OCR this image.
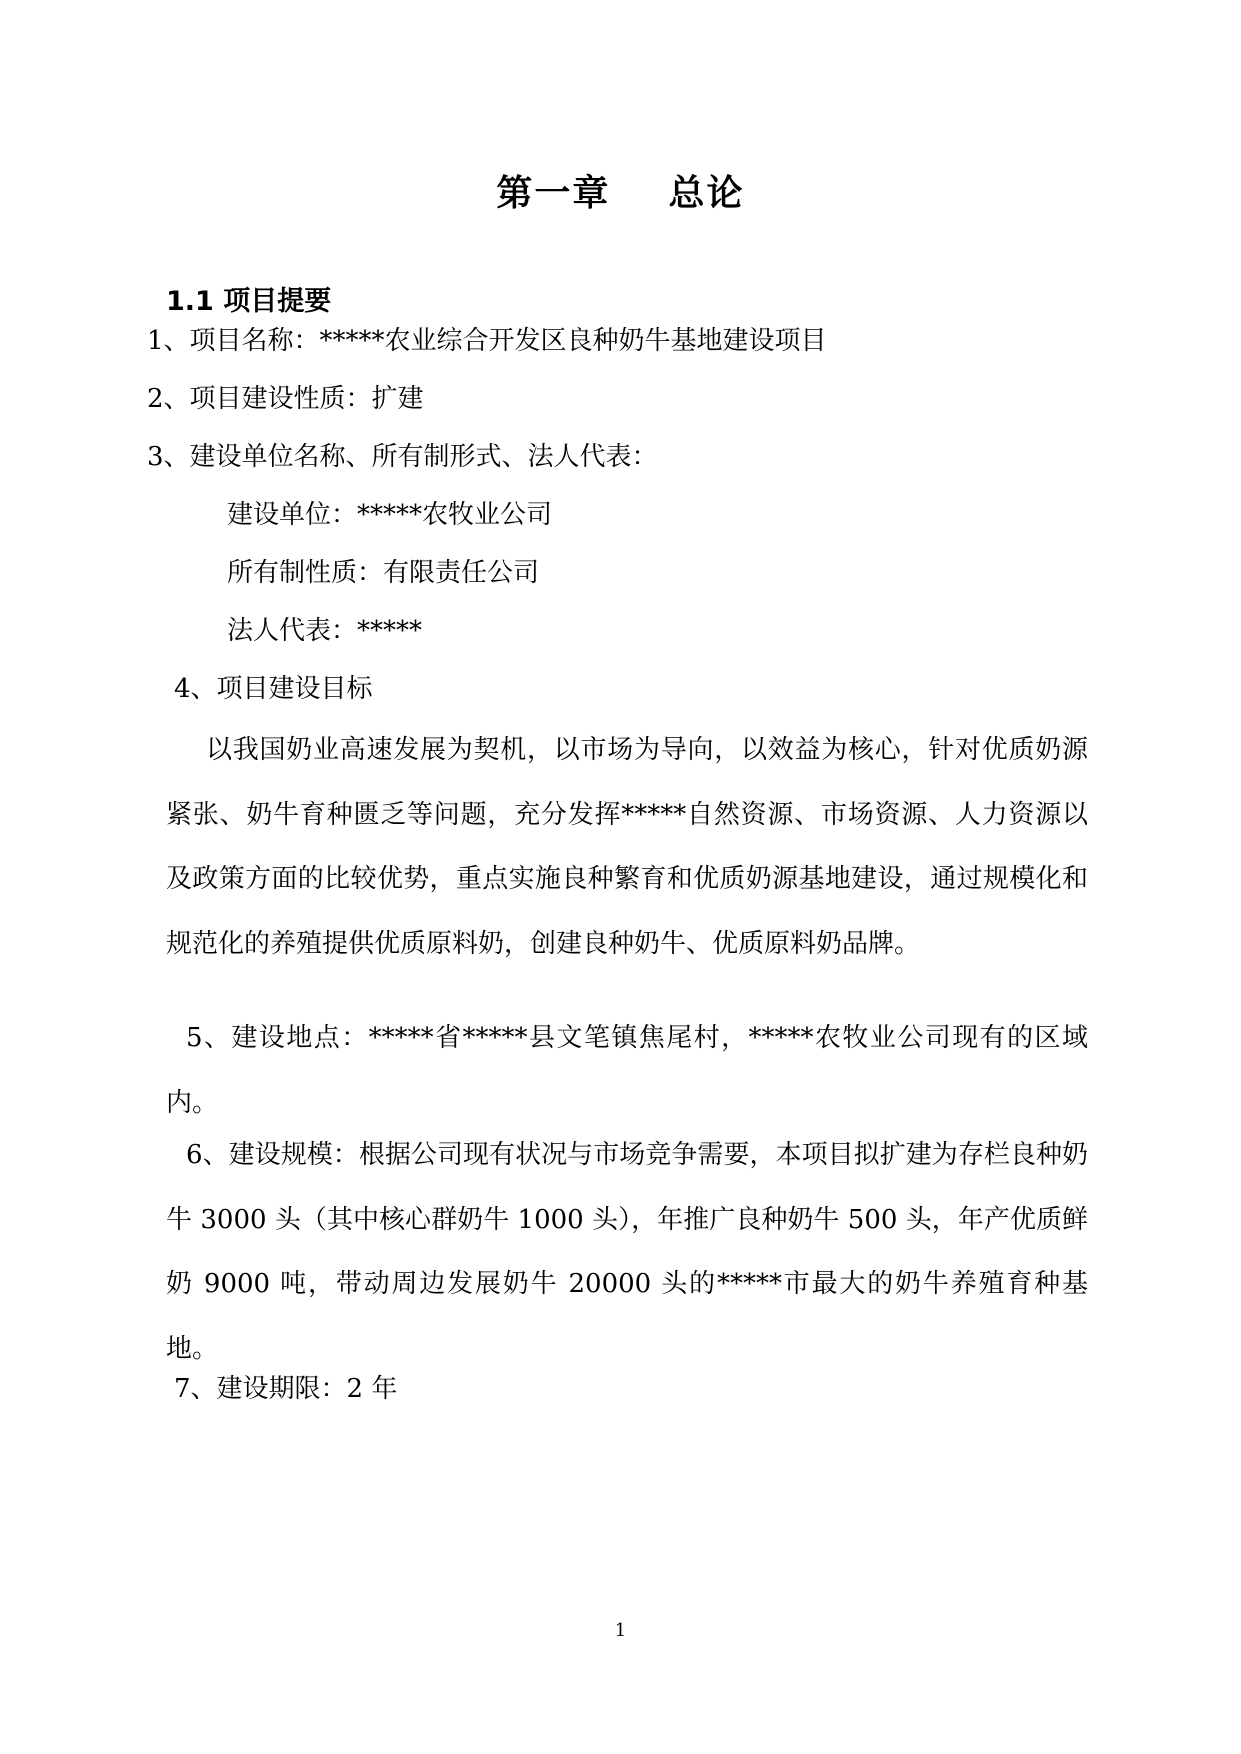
第一章    总论
1.1 项目提要
1、项目名称：*****农业综合开发区良种奶牛基地建设项目
2、项目建设性质：扩建
3、建设单位名称、所有制形式、法人代表：
建设单位：*****农牧业公司
所有制性质：有限责任公司
法人代表：*****
4、项目建设目标
以我国奶业高速发展为契机，以市场为导向，以效益为核心，针对优质奶源紧张、奶牛育种匮乏等问题，充分发挥*****自然资源、市场资源、人力资源以及政策方面的比较优势，重点实施良种繁育和优质奶源基地建设，通过规模化和规范化的养殖提供优质原料奶，创建良种奶牛、优质原料奶品牌。
5、建设地点：*****省*****县文笔镇焦尾村，*****农牧业公司现有的区域内。
6、建设规模：根据公司现有状况与市场竞争需要，本项目拟扩建为存栏良种奶牛 3000 头（其中核心群奶牛 1000 头），年推广良种奶牛 500 头，年产优质鲜奶 9000 吨，带动周边发展奶牛 20000 头的*****市最大的奶牛养殖育种基地。
7、建设期限：2 年
1
